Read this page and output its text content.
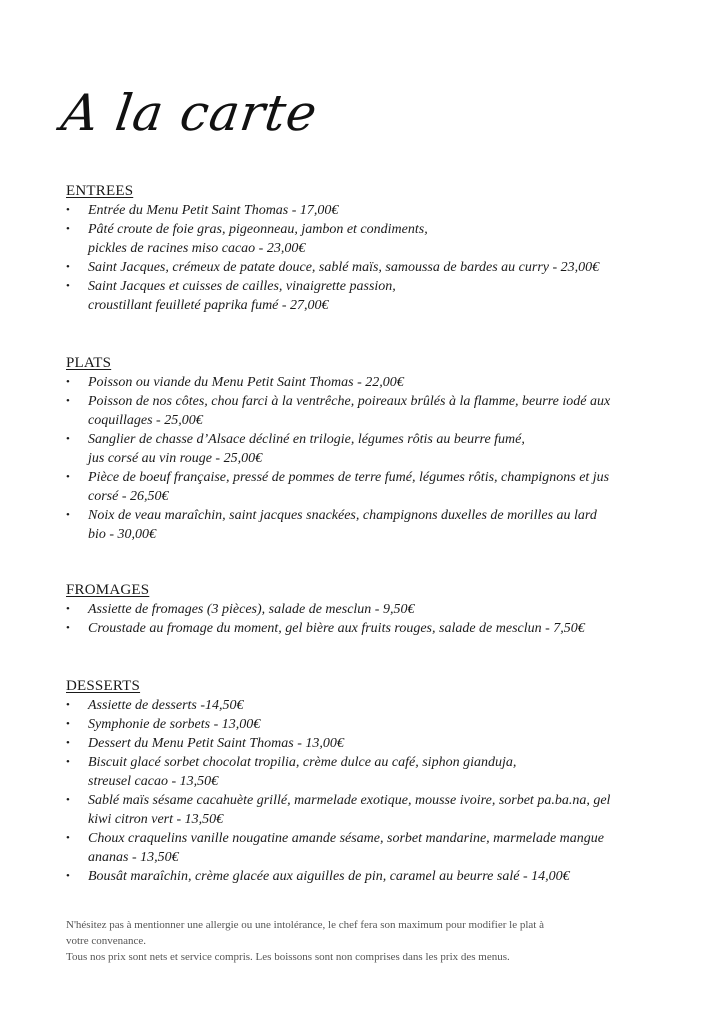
A la carte
ENTREES
• Entrée du Menu Petit Saint Thomas - 17,00€
• Pâté croute de foie gras, pigeonneau, jambon et condiments,
pickles de racines miso cacao - 23,00€
• Saint Jacques, crémeux de patate douce, sablé maïs, samoussa de bardes au curry - 23,00€
• Saint Jacques et cuisses de cailles, vinaigrette passion,
croustillant feuilleté paprika fumé - 27,00€
PLATS
• Poisson ou viande du Menu Petit Saint Thomas - 22,00€
• Poisson de nos côtes, chou farci à la ventrêche, poireaux brûlés à la flamme, beurre iodé aux
coquillages - 25,00€
• Sanglier de chasse d’Alsace décliné en trilogie, légumes rôtis au beurre fumé,
jus corsé au vin rouge - 25,00€
• Pièce de boeuf française, pressé de pommes de terre fumé, légumes rôtis, champignons et jus
corsé - 26,50€
• Noix de veau maraîchin, saint jacques snackées, champignons duxelles de morilles au lard
bio - 30,00€
FROMAGES
• Assiette de fromages (3 pièces), salade de mesclun - 9,50€
• Croustade au fromage du moment, gel bière aux fruits rouges, salade de mesclun - 7,50€
DESSERTS
• Assiette de desserts -14,50€
• Symphonie de sorbets - 13,00€
• Dessert du Menu Petit Saint Thomas - 13,00€
• Biscuit glacé sorbet chocolat tropilia, crème dulce au café, siphon gianduja,
streusel cacao - 13,50€
• Sablé maïs sésame cacahuète grillé, marmelade exotique, mousse ivoire, sorbet pa.ba.na, gel
kiwi citron vert - 13,50€
• Choux craquelins vanille nougatine amande sésame, sorbet mandarine, marmelade mangue
ananas - 13,50€
• Bousât maraîchin, crème glacée aux aiguilles de pin, caramel au beurre salé - 14,00€
N'hésitez pas à mentionner une allergie ou une intolérance, le chef fera son maximum pour modifier le plat à
votre convenance.
Tous nos prix sont nets et service compris. Les boissons sont non comprises dans les prix des menus.
